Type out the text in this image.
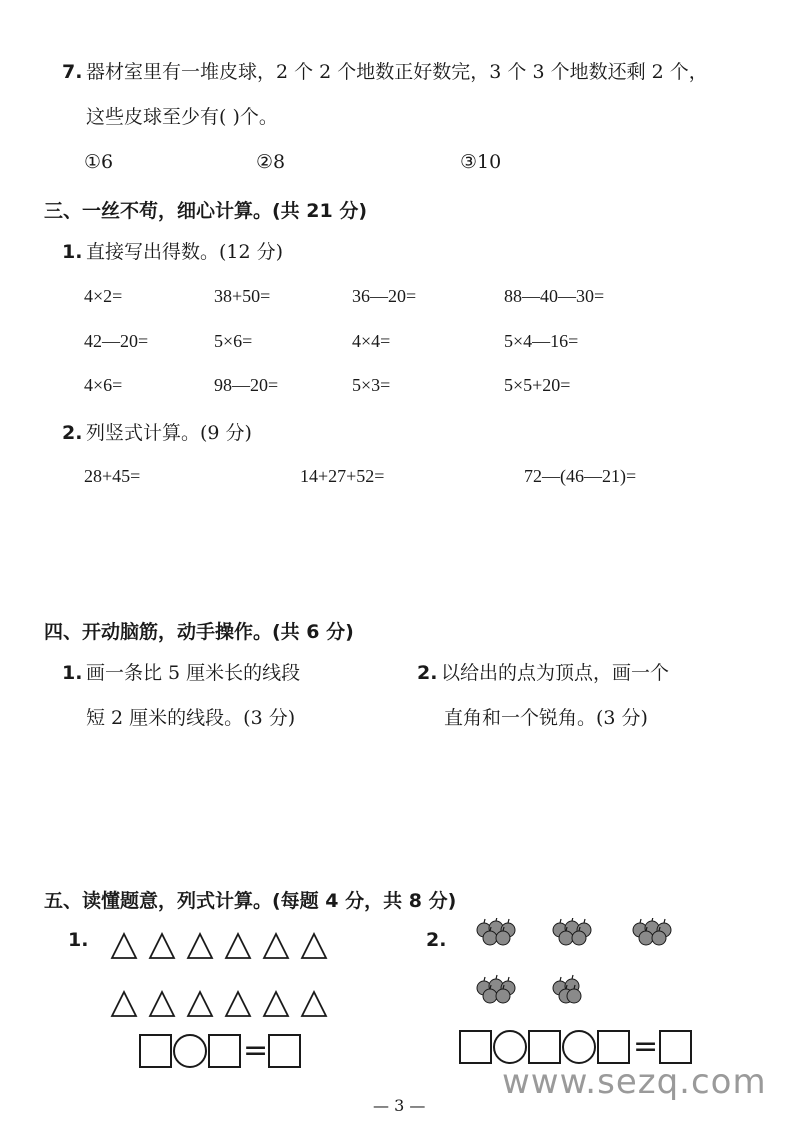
7. 器材室里有一堆皮球，2 个 2 个地数正好数完，3 个 3 个地数还剩 2 个，
这些皮球至少有( )个。
①6	②8	③10
三、一丝不苟，细心计算。(共 21 分)
1. 直接写出得数。(12 分)
4×2=	38+50=	36—20=	88—40—30=
42—20=	5×6=	4×4=	5×4—16=
4×6=	98—20=	5×3=	5×5+20=
2. 列竖式计算。(9 分)
28+45=	14+27+52=	72—(46—21)=
四、开动脑筋，动手操作。(共 6 分)
1. 画一条比 5 厘米长的线段
短 2 厘米的线段。(3 分)
2. 以给出的点为顶点，画一个
直角和一个锐角。(3 分)
五、读懂题意，列式计算。(每题 4 分，共 8 分)
1.
=
2.
=
www.sezq.com
— 3 —
